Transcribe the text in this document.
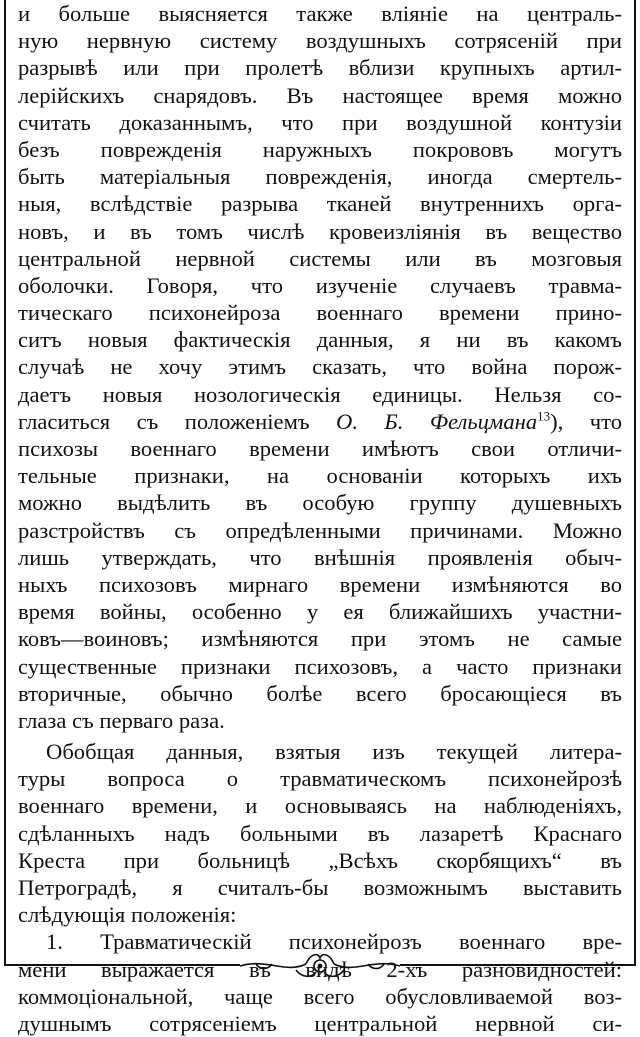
и больше выясняется также вліяніе на централь-
ную нервную систему воздушныхъ сотрясеній при
разрывѣ или при пролетѣ вблизи крупныхъ артил-
лерійскихъ снарядовъ. Въ настоящее время можно
считать доказаннымъ, что при воздушной контузіи
безъ поврежденія наружныхъ покрововъ могутъ
быть матеріальныя поврежденія, иногда смертель-
ныя, вслѣдствіе разрыва тканей внутреннихъ орга-
новъ, и въ томъ числѣ кровеизліянія въ вещество
центральной нервной системы или въ мозговыя
оболочки. Говоря, что изученіе случаевъ травма-
тическаго психонейроза военнаго времени прино-
ситъ новыя фактическія данныя, я ни въ какомъ
случаѣ не хочу этимъ сказать, что война порож-
даетъ новыя нозологическія единицы. Нельзя со-
гласиться съ положеніемъ О. Б. Фельцмана$^{13}$), что
психозы военнаго времени имѣютъ свои отличи-
тельные признаки, на основаніи которыхъ ихъ
можно выдѣлить въ особую группу душевныхъ
разстройствъ съ опредѣленными причинами. Можно
лишь утверждать, что внѣшнія проявленія обыч-
ныхъ психозовъ мирнаго времени измѣняются во
время войны, особенно у ея ближайшихъ участни-
ковъ—воиновъ; измѣняются при этомъ не самые
существенные признаки психозовъ, а часто признаки
вторичные, обычно болѣе всего бросающіеся въ
глаза съ перваго раза.
Обобщая данныя, взятыя изъ текущей литера-
туры вопроса о травматическомъ психонейрозѣ
военнаго времени, и основываясь на наблюденіяхъ,
сдѣланныхъ надъ больными въ лазаретѣ Краснаго
Креста при больницѣ „Всѣхъ скорбящихъ“ въ
Петроградѣ, я считалъ-бы возможнымъ выставить
слѣдующія положенія:
1. Травматическій психонейрозъ военнаго вре-
мени выражается въ видѣ 2-хъ разновидностей:
коммоціональной, чаще всего обусловливаемой воз-
душнымъ сотрясеніемъ центральной нервной си-
